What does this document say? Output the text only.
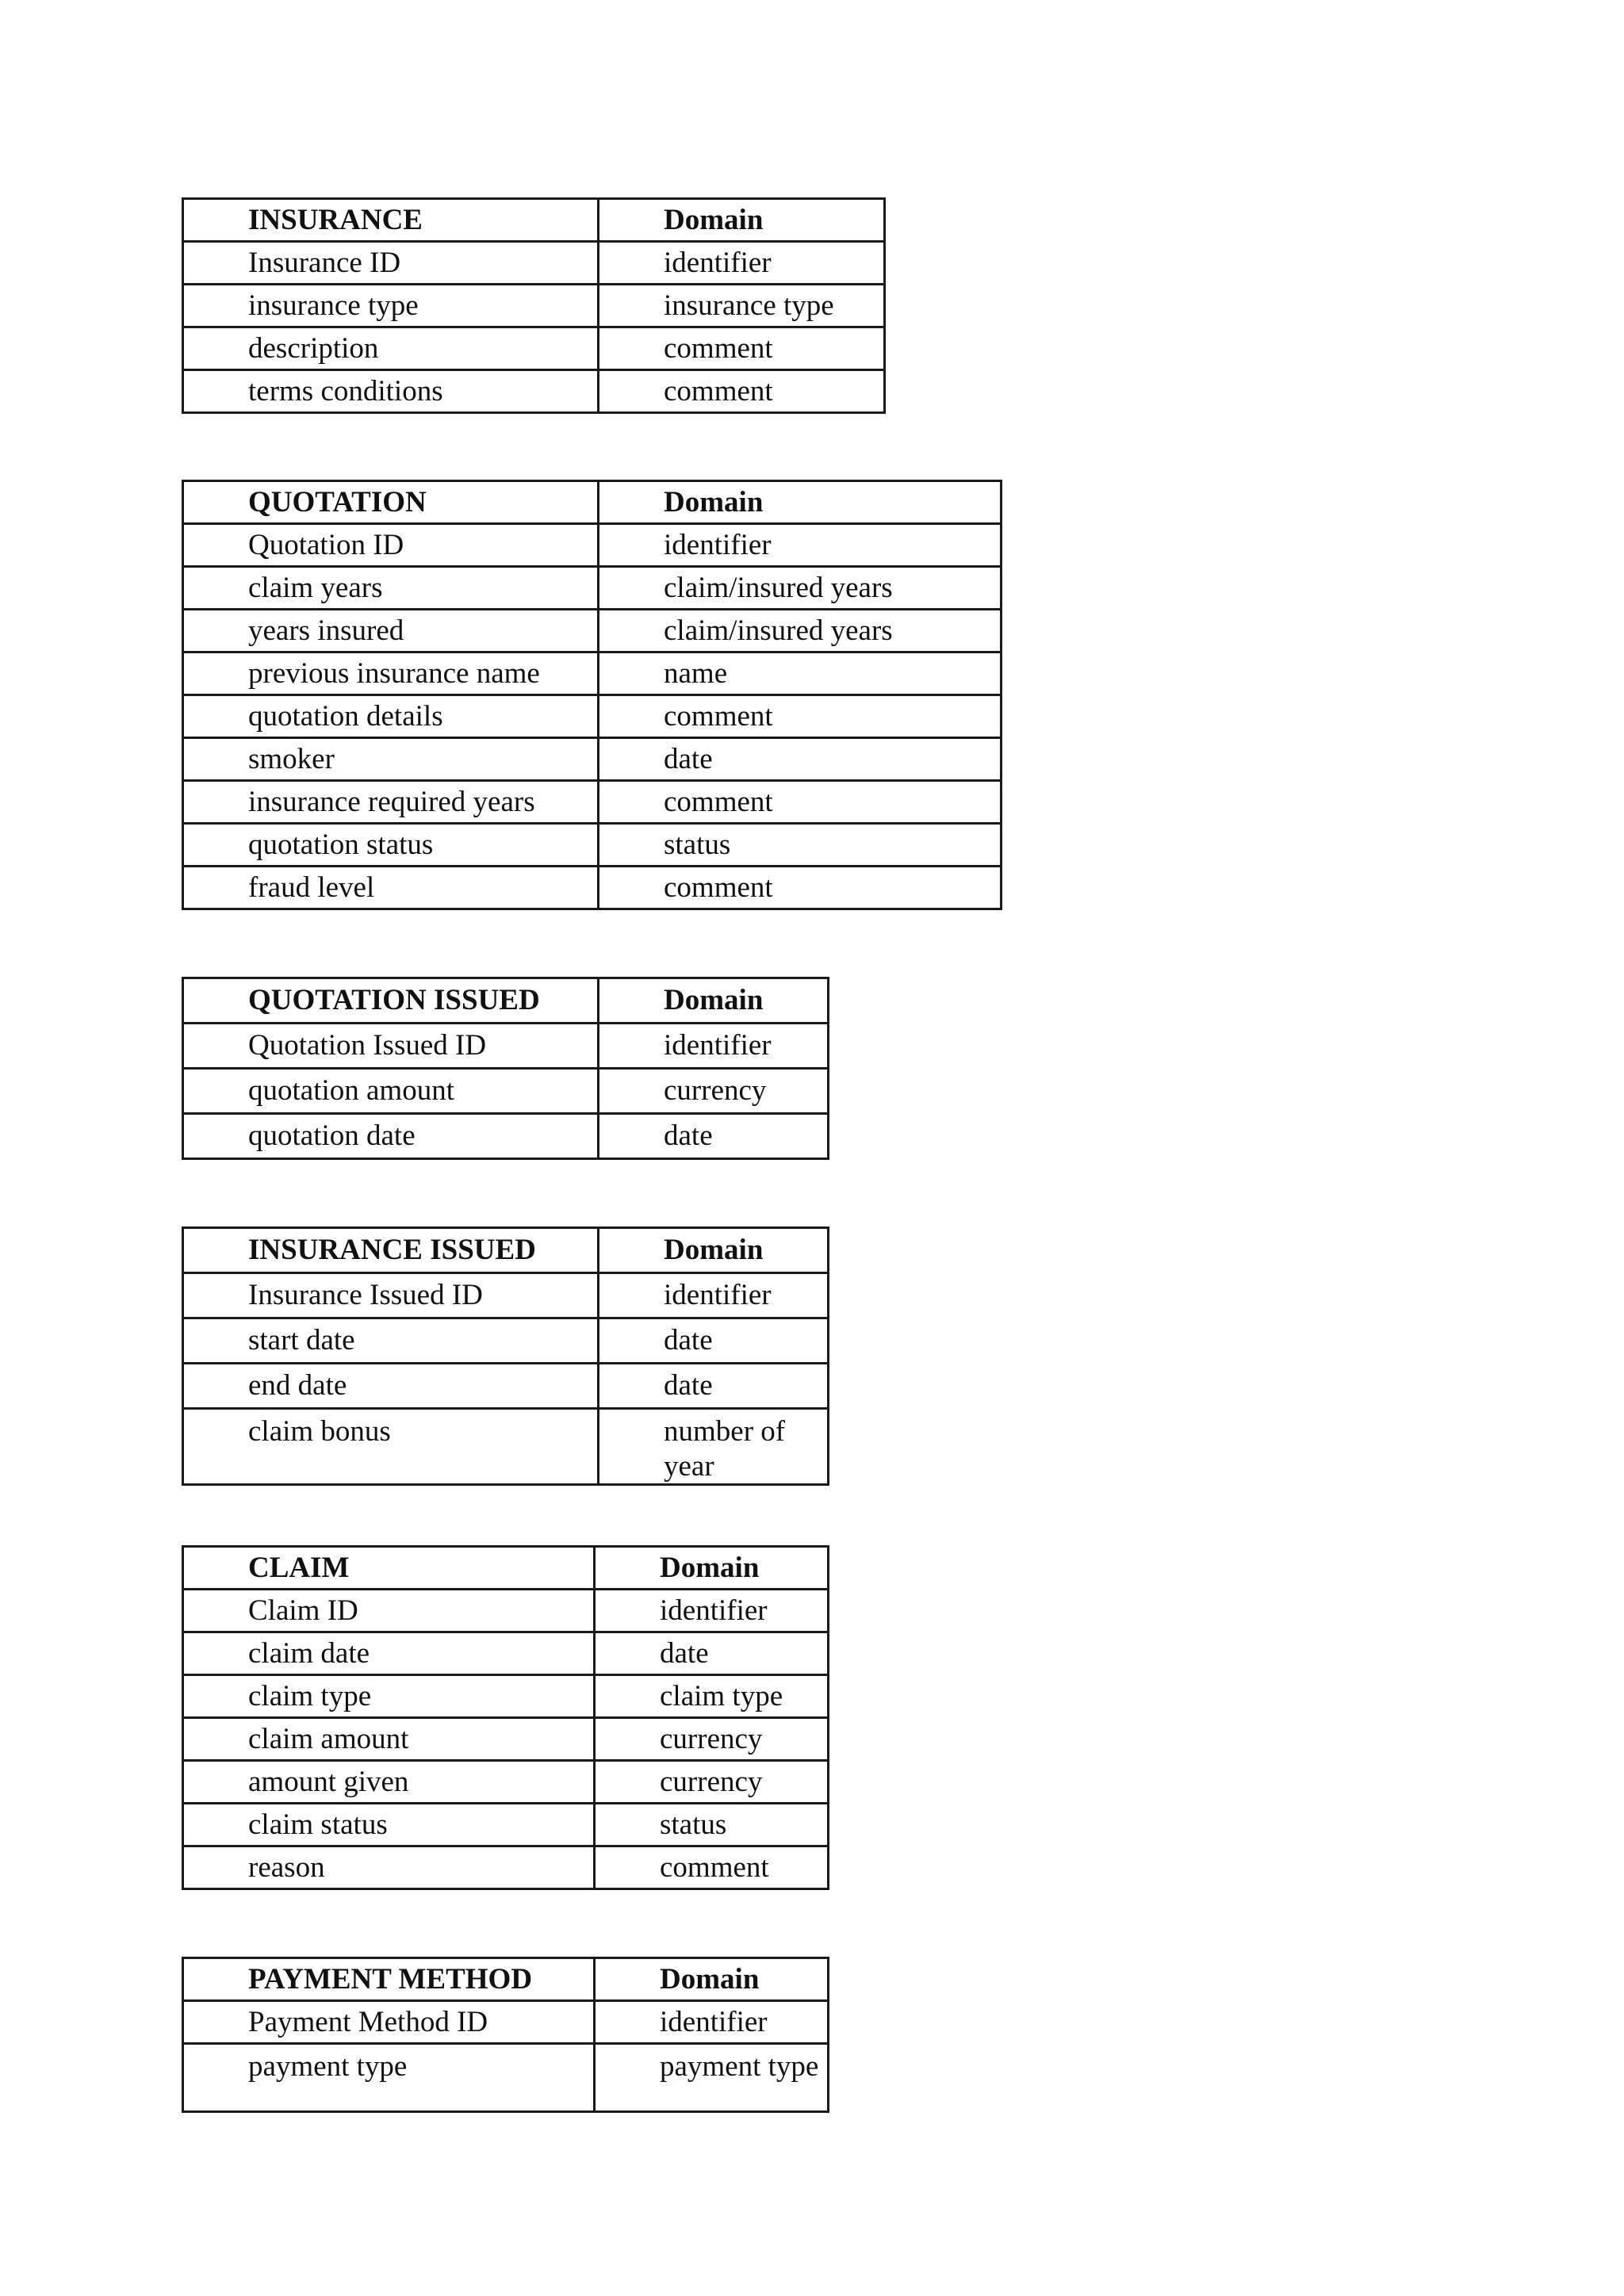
INSURANCE	Domain
Insurance ID	identifier
insurance type	insurance type
description	comment
terms conditions	comment
QUOTATION	Domain
Quotation ID	identifier
claim years	claim/insured years
years insured	claim/insured years
previous insurance name	name
quotation details	comment
smoker	date
insurance required years	comment
quotation status	status
fraud level	comment
QUOTATION ISSUED	Domain
Quotation Issued ID	identifier
quotation amount	currency
quotation date	date
INSURANCE ISSUED	Domain
Insurance Issued ID	identifier
start date	date
end date	date
claim bonus	number of year
CLAIM	Domain
Claim ID	identifier
claim date	date
claim type	claim type
claim amount	currency
amount given	currency
claim status	status
reason	comment
PAYMENT METHOD	Domain
Payment Method ID	identifier
payment type	payment type
